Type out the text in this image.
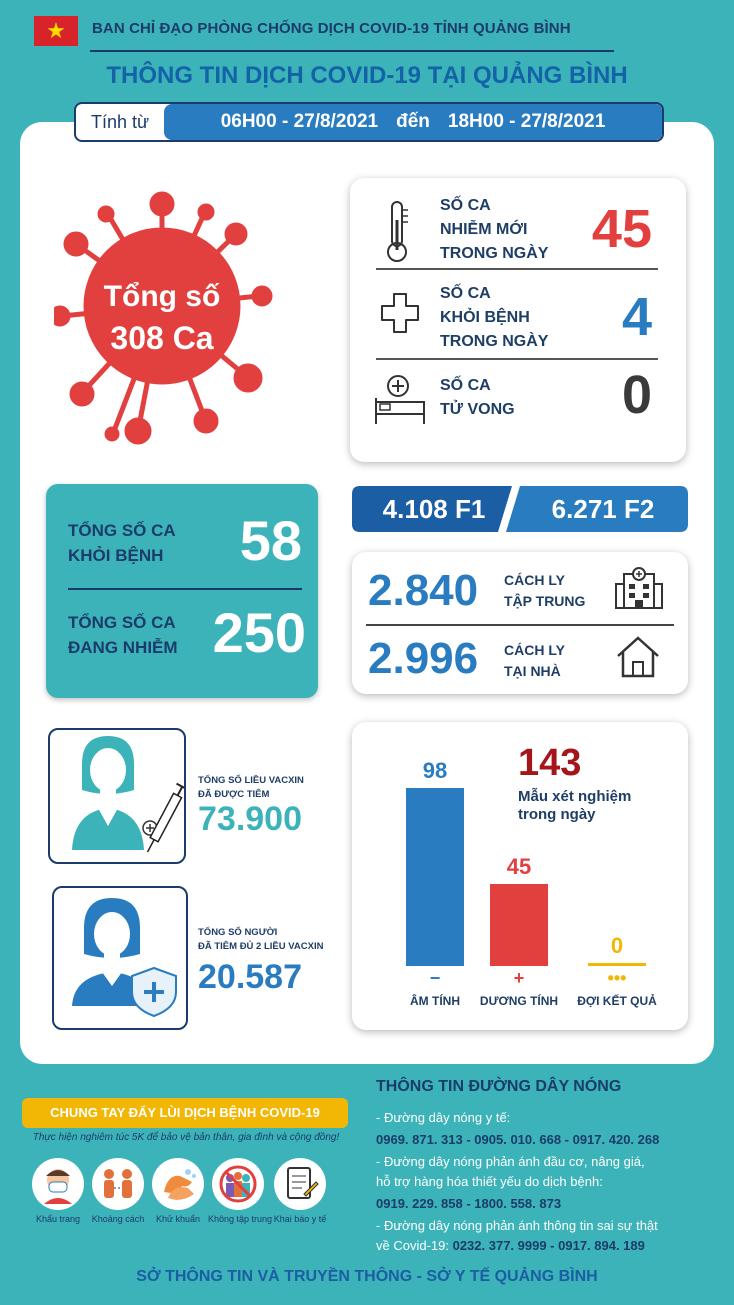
★ BAN CHỈ ĐẠO PHÒNG CHỐNG DỊCH COVID-19 TỈNH QUẢNG BÌNH
THÔNG TIN DỊCH COVID-19 TẠI QUẢNG BÌNH
Tính từ	06H00 - 27/8/2021 đến 18H00 - 27/8/2021
Tổng số
308 Ca
SỐ CA
NHIỄM MỚI
TRONG NGÀY 45
SỐ CA
KHỎI BỆNH
TRONG NGÀY 4
SỐ CA
TỬ VONG 0
TỔNG SỐ CA
KHỎI BỆNH 58
TỔNG SỐ CA
ĐANG NHIỄM 250
4.108 F1	6.271 F2
2.840 CÁCH LY
TẬP TRUNG
2.996 CÁCH LY
TẠI NHÀ
TỔNG SỐ LIỀU VACXIN
ĐÃ ĐƯỢC TIÊM
73.900
TỔNG SỐ NGƯỜI
ĐÃ TIÊM ĐỦ 2 LIỀU VACXIN
20.587
143
Mẫu xét nghiệm
trong ngày
98
−
ÂM TÍNH
45
+
DƯƠNG TÍNH
0
•••
ĐỢI KẾT QUẢ
CHUNG TAY ĐẨY LÙI DỊCH BỆNH COVID-19
Thực hiện nghiêm túc 5K để bảo vệ bản thân, gia đình và cộng đồng!
Khẩu trang	Khoảng cách	Khử khuẩn Không tập trung Khai báo y tế
THÔNG TIN ĐƯỜNG DÂY NÓNG
- Đường dây nóng y tế:
0969. 871. 313 - 0905. 010. 668 - 0917. 420. 268
- Đường dây nóng phản ánh đầu cơ, nâng giá,
hỗ trợ hàng hóa thiết yếu do dịch bệnh:
0919. 229. 858 - 1800. 558. 873
- Đường dây nóng phản ánh thông tin sai sự thật
về Covid-19: 0232. 377. 9999 - 0917. 894. 189
SỞ THÔNG TIN VÀ TRUYỀN THÔNG - SỞ Y TẾ QUẢNG BÌNH
